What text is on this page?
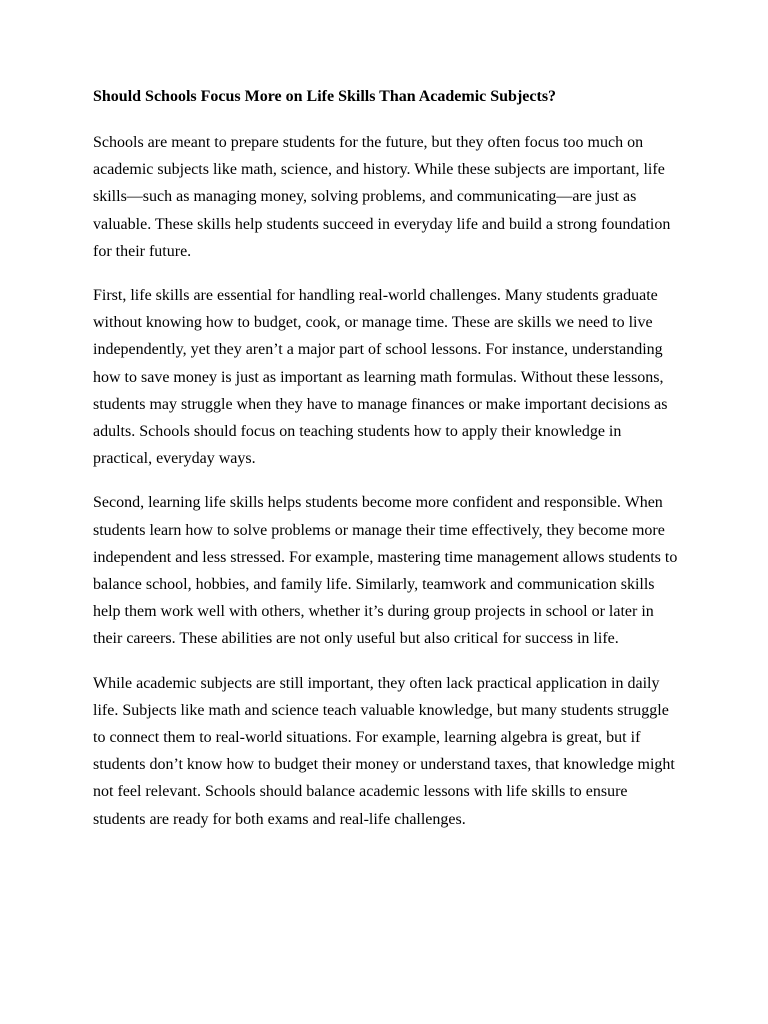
Should Schools Focus More on Life Skills Than Academic Subjects?

Schools are meant to prepare students for the future, but they often focus too much on academic subjects like math, science, and history. While these subjects are important, life skills—such as managing money, solving problems, and communicating—are just as valuable. These skills help students succeed in everyday life and build a strong foundation for their future.

First, life skills are essential for handling real-world challenges. Many students graduate without knowing how to budget, cook, or manage time. These are skills we need to live independently, yet they aren’t a major part of school lessons. For instance, understanding how to save money is just as important as learning math formulas. Without these lessons, students may struggle when they have to manage finances or make important decisions as adults. Schools should focus on teaching students how to apply their knowledge in practical, everyday ways.

Second, learning life skills helps students become more confident and responsible. When students learn how to solve problems or manage their time effectively, they become more independent and less stressed. For example, mastering time management allows students to balance school, hobbies, and family life. Similarly, teamwork and communication skills help them work well with others, whether it’s during group projects in school or later in their careers. These abilities are not only useful but also critical for success in life.

While academic subjects are still important, they often lack practical application in daily life. Subjects like math and science teach valuable knowledge, but many students struggle to connect them to real-world situations. For example, learning algebra is great, but if students don’t know how to budget their money or understand taxes, that knowledge might not feel relevant. Schools should balance academic lessons with life skills to ensure students are ready for both exams and real-life challenges.
